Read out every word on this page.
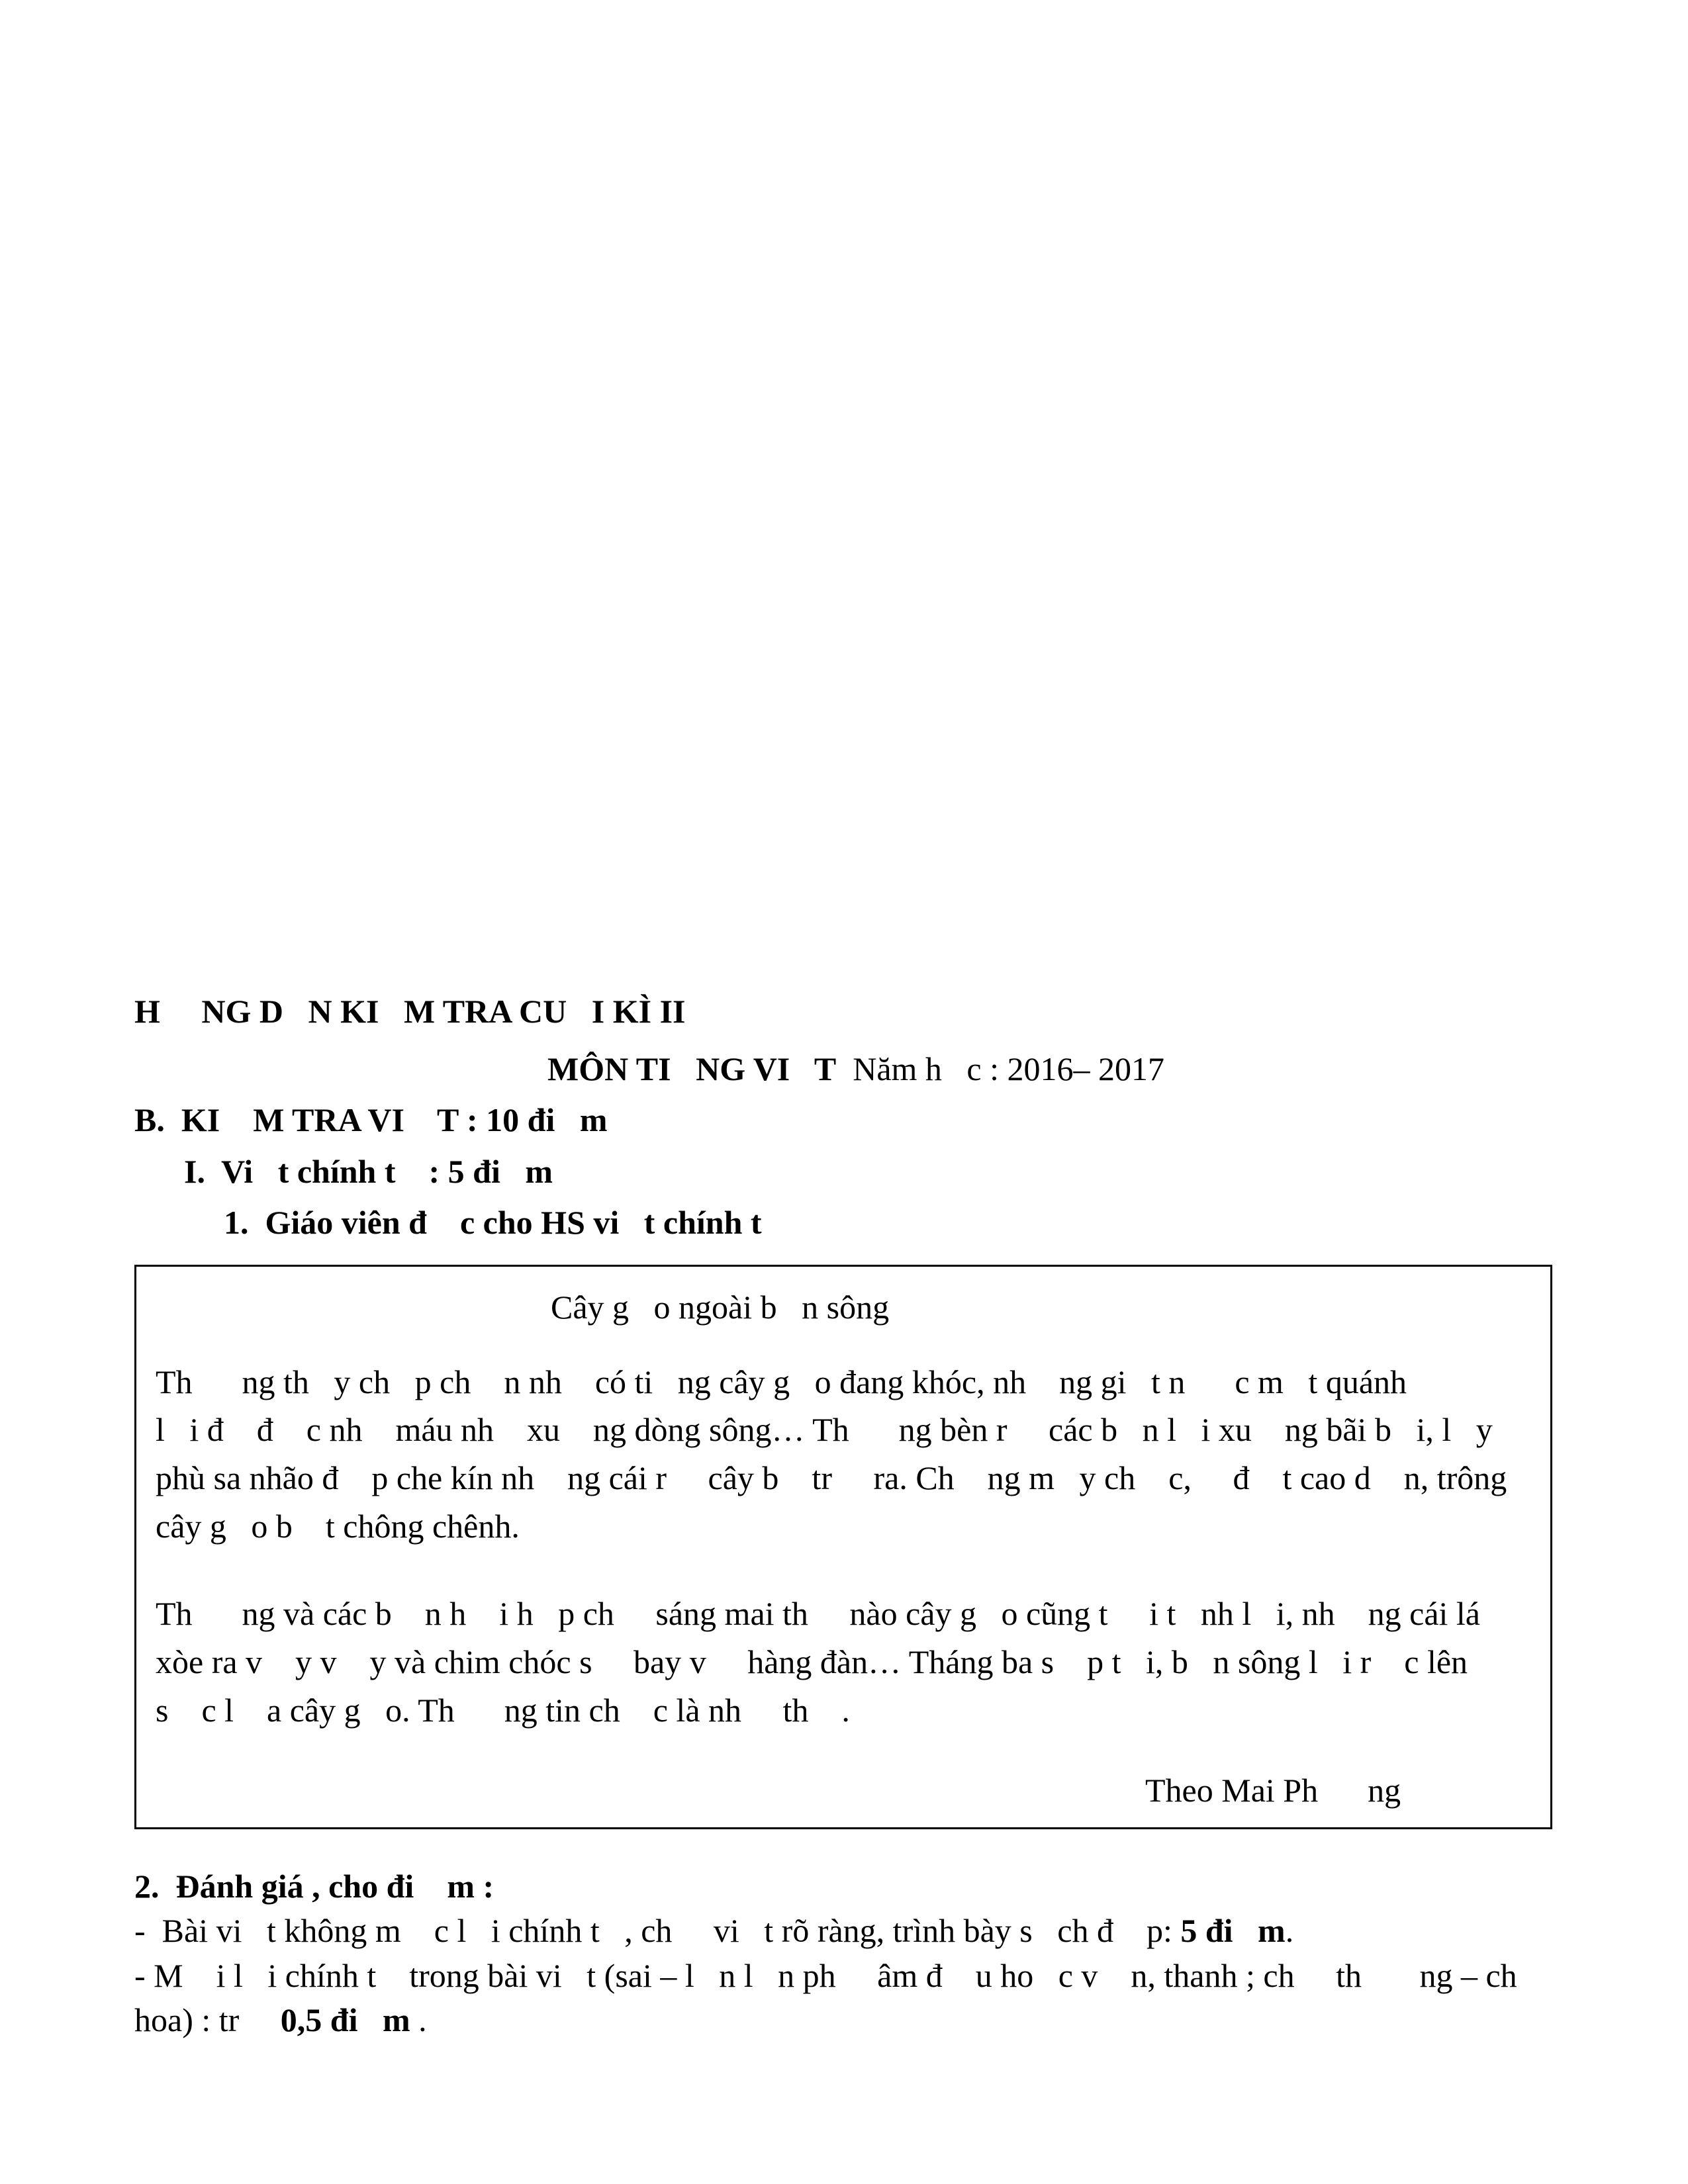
H     NG D   N KI   M TRA CU   I KÌ II
MÔN TI   NG VI   T Năm h   c : 2016– 2017
B.  KI    M TRA VI    T : 10 đi   m
I.  Vi   t chính t    : 5 đi   m
1.  Giáo viên đ    c cho HS vi   t chính t
Cây g   o ngoài b   n sông
Th      ng th   y ch   p ch    n nh    có ti   ng cây g   o đang khóc, nh    ng gi   t n      c m   t quánh
l   i đ    đ    c nh    máu nh    xu    ng dòng sông… Th      ng bèn r     các b   n l   i xu    ng bãi b   i, l   y
phù sa nhão đ    p che kín nh    ng cái r     cây b    tr     ra. Ch    ng m   y ch    c,     đ    t cao d    n, trông
cây g   o b    t chông chênh.
Th      ng và các b    n h    i h   p ch     sáng mai th     nào cây g   o cũng t     i t   nh l   i, nh    ng cái lá
xòe ra v    y v    y và chim chóc s     bay v     hàng đàn… Tháng ba s    p t   i, b   n sông l   i r    c lên
s    c l    a cây g   o. Th      ng tin ch    c là nh     th    .
Theo Mai Ph      ng
2.  Đánh giá , cho đi    m :
-  Bài vi   t không m    c l   i chính t   , ch     vi   t rõ ràng, trình bày s   ch đ    p: 5 đi   m.
- M    i l   i chính t    trong bài vi   t (sai – l   n l   n ph     âm đ    u ho   c v    n, thanh ; ch     th       ng – ch
hoa) : tr     0,5 đi   m .
